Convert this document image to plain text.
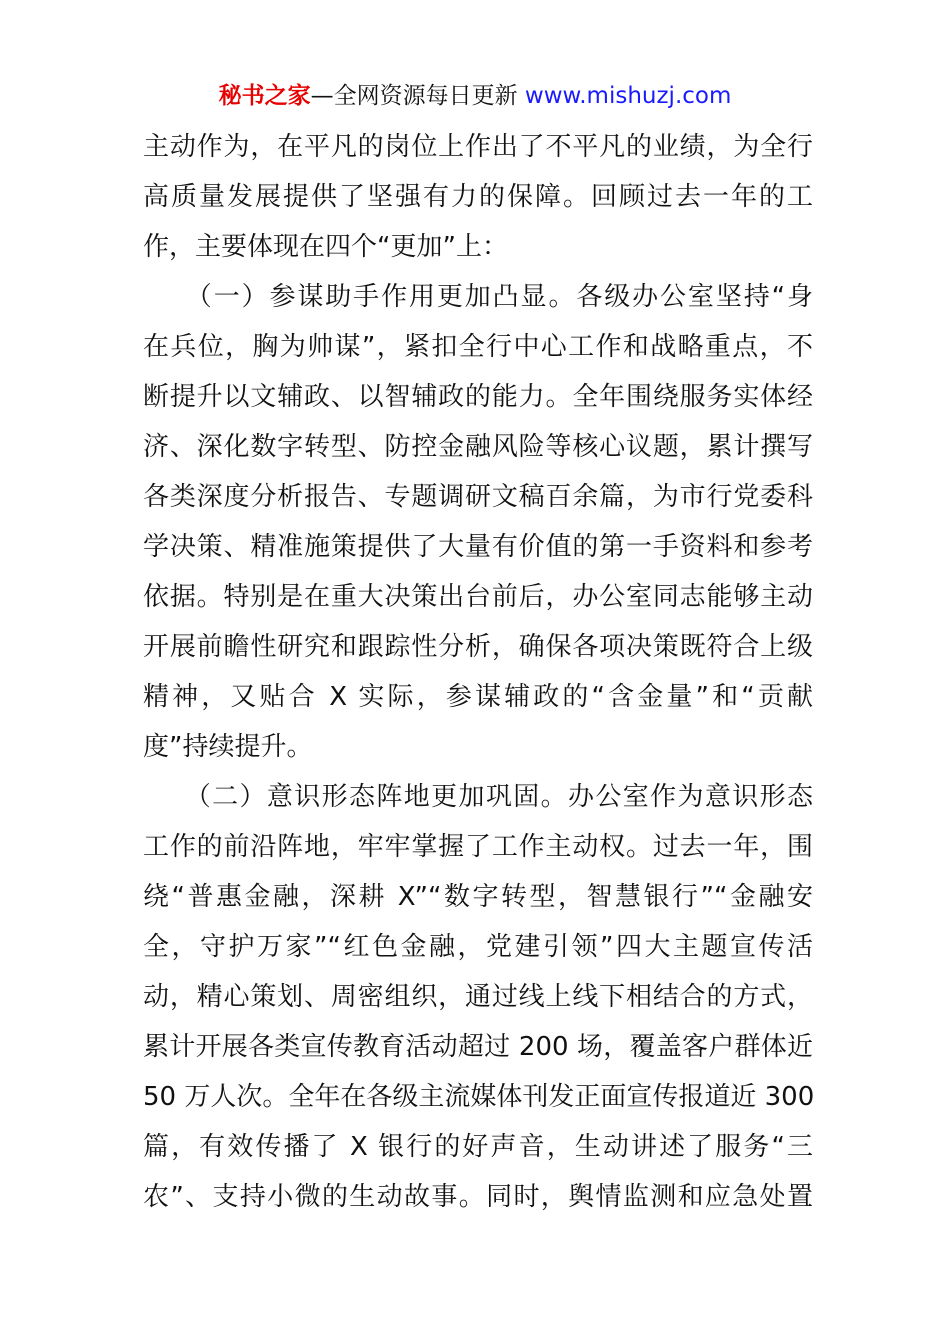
秘书之家—全网资源每日更新 www.mishuzj.com
主动作为，在平凡的岗位上作出了不平凡的业绩，为全行
高质量发展提供了坚强有力的保障。回顾过去一年的工
作，主要体现在四个“更加”上：
　　（一）参谋助手作用更加凸显。各级办公室坚持“身
在兵位，胸为帅谋”，紧扣全行中心工作和战略重点，不
断提升以文辅政、以智辅政的能力。全年围绕服务实体经
济、深化数字转型、防控金融风险等核心议题，累计撰写
各类深度分析报告、专题调研文稿百余篇，为市行党委科
学决策、精准施策提供了大量有价值的第一手资料和参考
依据。特别是在重大决策出台前后，办公室同志能够主动
开展前瞻性研究和跟踪性分析，确保各项决策既符合上级
精神，又贴合 X 实际，参谋辅政的“含金量”和“贡献
度”持续提升。
　　（二）意识形态阵地更加巩固。办公室作为意识形态
工作的前沿阵地，牢牢掌握了工作主动权。过去一年，围
绕“普惠金融，深耕 X”“数字转型，智慧银行”“金融安
全，守护万家”“红色金融，党建引领”四大主题宣传活
动，精心策划、周密组织，通过线上线下相结合的方式，
累计开展各类宣传教育活动超过 200 场，覆盖客户群体近
50 万人次。全年在各级主流媒体刊发正面宣传报道近 300
篇，有效传播了 X 银行的好声音，生动讲述了服务“三
农”、支持小微的生动故事。同时，舆情监测和应急处置
